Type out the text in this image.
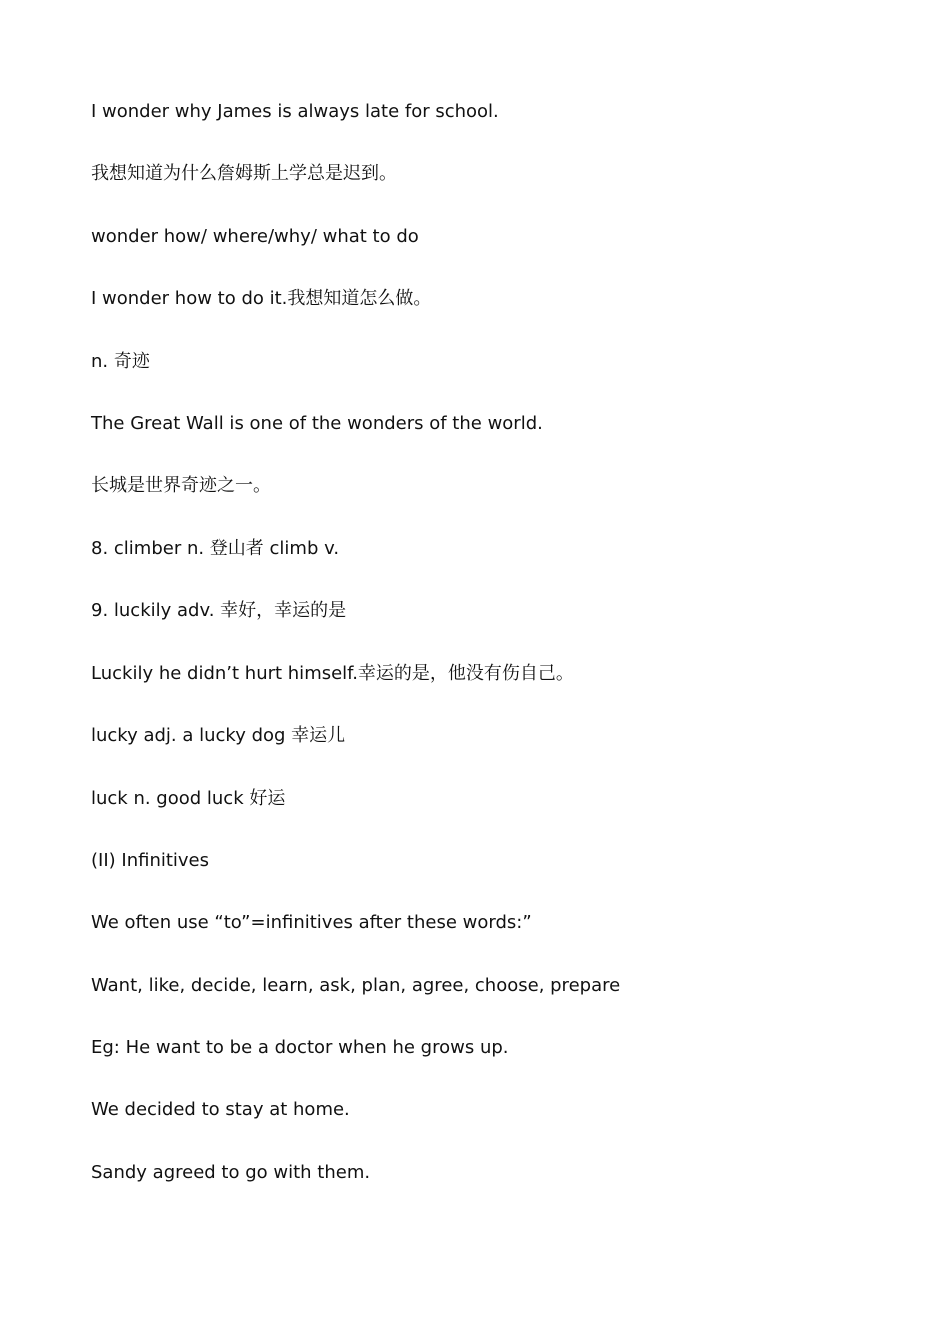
I wonder why James is always late for school.

我想知道为什么詹姆斯上学总是迟到。

wonder how/ where/why/ what to do

I wonder how to do it.我想知道怎么做。

n. 奇迹

The Great Wall is one of the wonders of the world.

长城是世界奇迹之一。

8. climber n. 登山者 climb v.

9. luckily adv. 幸好，幸运的是

Luckily he didn’t hurt himself.幸运的是，他没有伤自己。

lucky adj. a lucky dog 幸运儿

luck n. good luck 好运

(II) Infinitives

We often use “to”=infinitives after these words:”

Want, like, decide, learn, ask, plan, agree, choose, prepare

Eg: He want to be a doctor when he grows up.

We decided to stay at home.

Sandy agreed to go with them.
